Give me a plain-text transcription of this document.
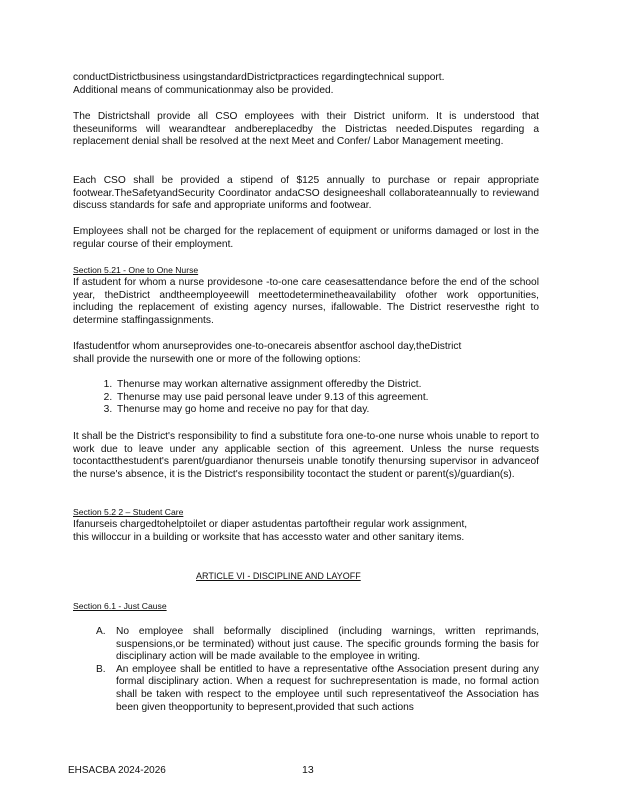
conductDistrictbusiness usingstandardDistrictpractices regardingtechnical support.
Additional means of communicationmay also be provided.

The Districtshall provide all CSO employees with their District uniform. It is understood that theseuniforms will wearandtear andbereplacedby the Districtas needed.Disputes regarding a replacement denial shall be resolved at the next Meet and Confer/ Labor Management meeting.

Each CSO shall be provided a stipend of $125 annually to purchase or repair appropriate footwear.TheSafetyandSecurity Coordinator andaCSO designeeshall collaborateannually to reviewand discuss standards for safe and appropriate uniforms and footwear.

Employees shall not be charged for the replacement of equipment or uniforms damaged or lost in the regular course of their employment.

Section 5.21 - One to One Nurse

If astudent for whom a nurse providesone -to-one care ceasesattendance before the end of the school year, theDistrict andtheemployeewill meettodeterminetheavailability ofother work opportunities, including the replacement of existing agency nurses, ifallowable. The District reservesthe right to determine staffingassignments.

Ifastudentfor whom anurseprovides one-to-onecareis absentfor aschool day,theDistrict
shall provide the nursewith one or more of the following options:

1. Thenurse may workan alternative assignment offeredby the District.
2. Thenurse may use paid personal leave under 9.13 of this agreement.
3. Thenurse may go home and receive no pay for that day.

It shall be the District's responsibility to find a substitute fora one-to-one nurse whois unable to report to work due to leave under any applicable section of this agreement. Unless the nurse requests tocontactthestudent's parent/guardianor thenurseis unable tonotify thenursing supervisor in advanceof the nurse's absence, it is the District's responsibility tocontact the student or parent(s)/guardian(s).

Section 5.2 2 – Student Care

Ifanurseis chargedtohelptoilet or diaper astudentas partoftheir regular work assignment,
this willoccur in a building or worksite that has accessto water and other sanitary items.

ARTICLE VI - DISCIPLINE AND LAYOFF

Section 6.1 - Just Cause

A. No employee shall beformally disciplined (including warnings, written reprimands, suspensions,or be terminated) without just cause. The specific grounds forming the basis for disciplinary action will be made available to the employee in writing.
B. An employee shall be entitled to have a representative ofthe Association present during any formal disciplinary action. When a request for suchrepresentation is made, no formal action shall be taken with respect to the employee until such representativeof the Association has been given theopportunity to bepresent,provided that such actions
EHSACBA 2024-2026	13
